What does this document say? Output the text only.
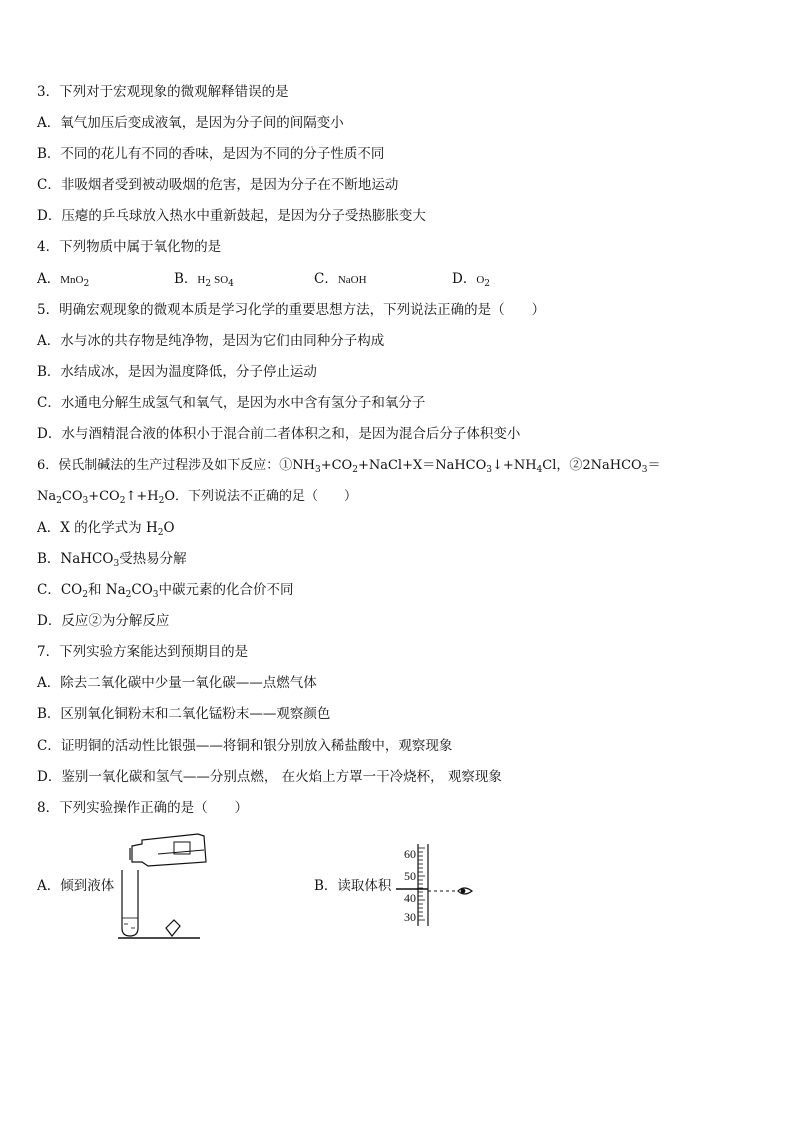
3．下列对于宏观现象的微观解释错误的是
A．氧气加压后变成液氧，是因为分子间的间隔变小
B．不同的花儿有不同的香味，是因为不同的分子性质不同
C．非吸烟者受到被动吸烟的危害，是因为分子在不断地运动
D．压瘪的乒乓球放入热水中重新鼓起，是因为分子受热膨胀变大
4．下列物质中属于氧化物的是
A．MnO$_2$	B．$H_2$ $SO_4$	C．NaOH	D．$O_2$
5．明确宏观现象的微观本质是学习化学的重要思想方法，下列说法正确的是（　　）
A．水与冰的共存物是纯净物，是因为它们由同种分子构成
B．水结成冰，是因为温度降低，分子停止运动
C．水通电分解生成氢气和氧气，是因为水中含有氢分子和氧分子
D．水与酒精混合液的体积小于混合前二者体积之和，是因为混合后分子体积变小
6．侯氏制碱法的生产过程涉及如下反应：$①NH_3+CO_2+NaCl+X=NaHCO_3↓+NH_4Cl$，②2NaHCO$_3$＝
$Na_2CO_3+CO_2↑+H_2O$．下列说法不正确的足（　　）
A．X 的化学式为 $H_2O$
B．NaHCO$_3$受热易分解
C．$CO_2$和 $Na_2CO_3$中碳元素的化合价不同
D．反应②为分解反应
7．下列实验方案能达到预期目的是
A．除去二氧化碳中少量一氧化碳——点燃气体
B．区别氧化铜粉末和二氧化锰粉末——观察颜色
C．证明铜的活动性比银强——将铜和银分别放入稀盐酸中，观察现象
D．鉴别一氧化碳和氢气——分别点燃， 在火焰上方罩一干冷烧杯， 观察现象
8．下列实验操作正确的是（　　）
A．倾到液体	B．读取体积
60
50
40
30
